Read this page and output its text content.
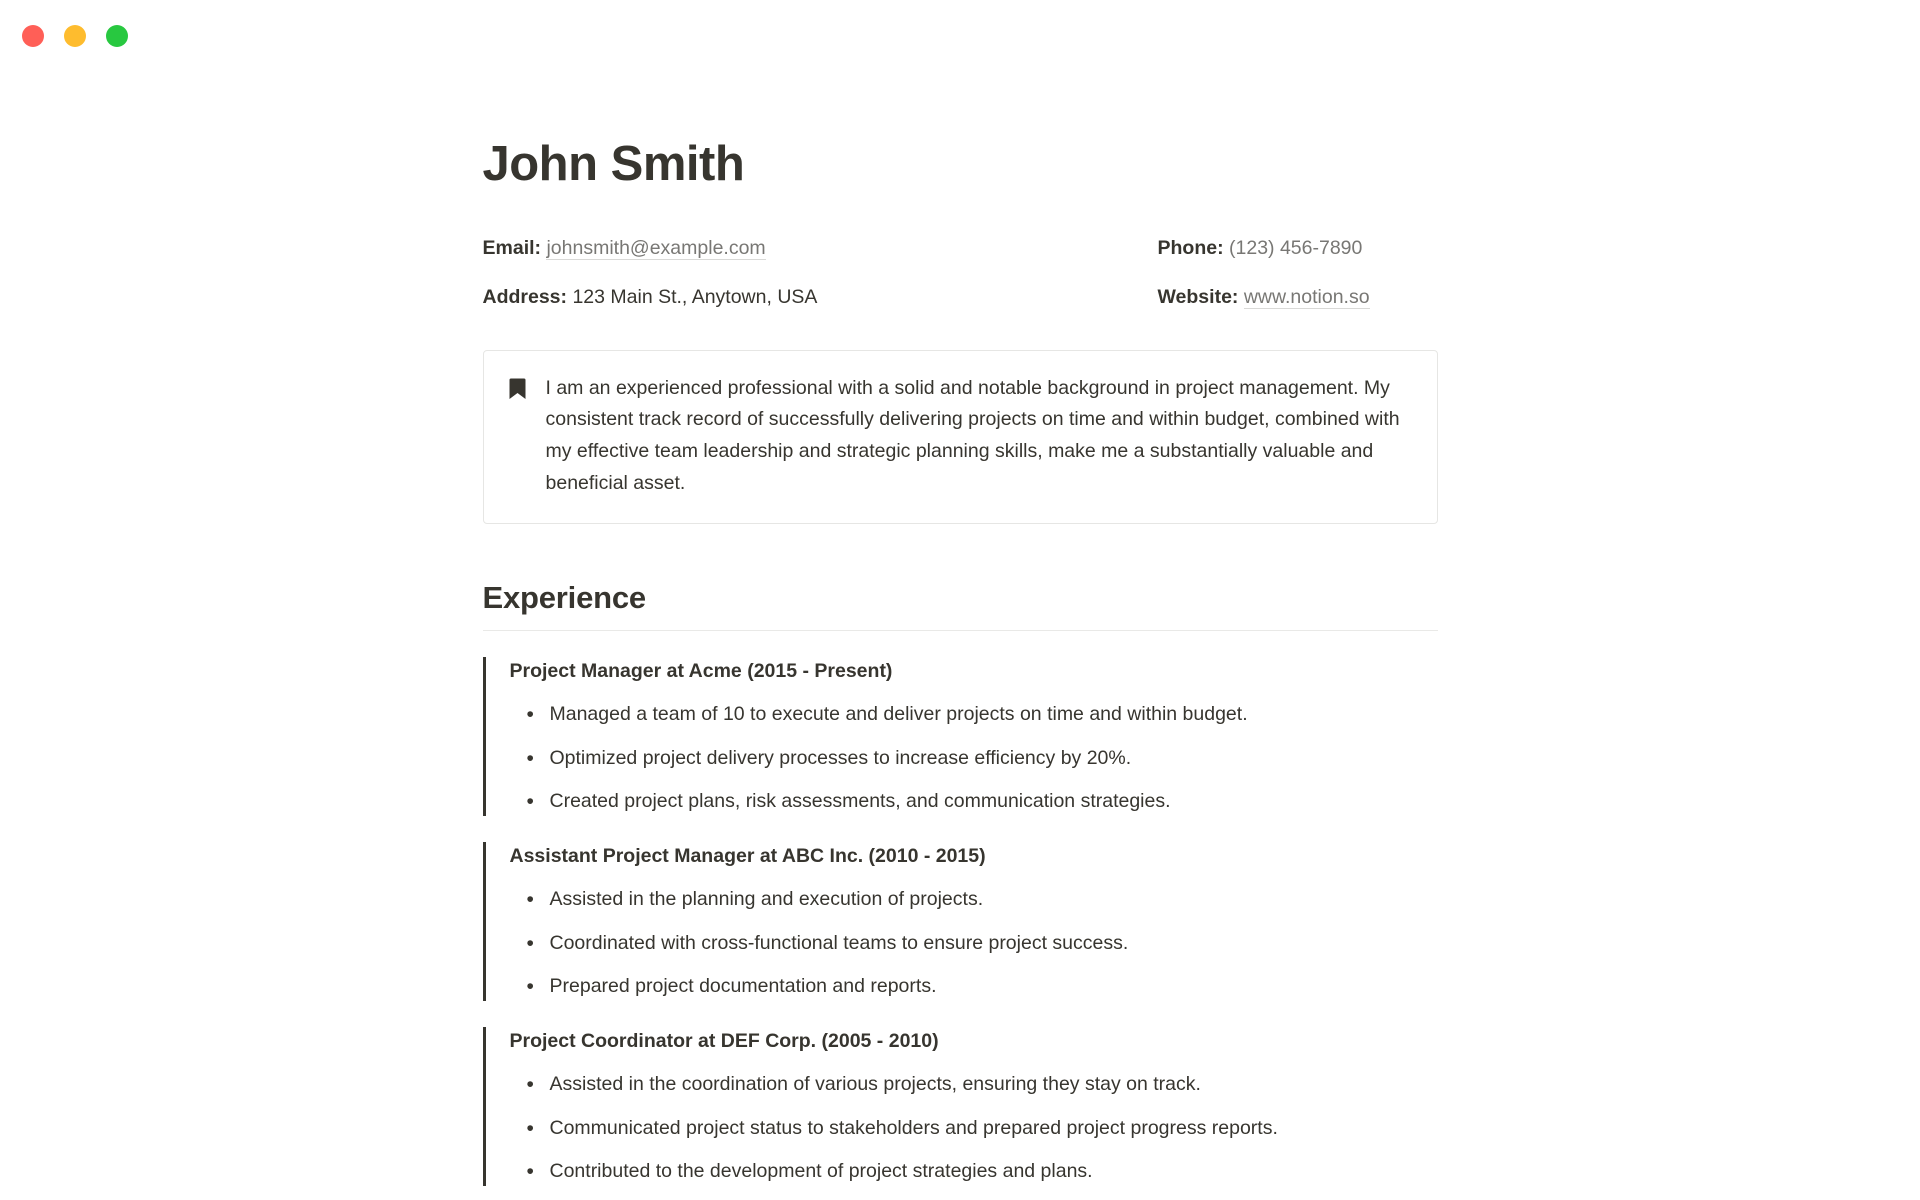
John Smith
Email: johnsmith@example.com	Phone: (123) 456-7890
Address: 123 Main St., Anytown, USA	Website: www.notion.so
I am an experienced professional with a solid and notable background in project management. My consistent track record of successfully delivering projects on time and within budget, combined with my effective team leadership and strategic planning skills, make me a substantially valuable and beneficial asset.
Experience
Project Manager at Acme (2015 - Present)
• Managed a team of 10 to execute and deliver projects on time and within budget.
• Optimized project delivery processes to increase efficiency by 20%.
• Created project plans, risk assessments, and communication strategies.
Assistant Project Manager at ABC Inc. (2010 - 2015)
• Assisted in the planning and execution of projects.
• Coordinated with cross-functional teams to ensure project success.
• Prepared project documentation and reports.
Project Coordinator at DEF Corp. (2005 - 2010)
• Assisted in the coordination of various projects, ensuring they stay on track.
• Communicated project status to stakeholders and prepared project progress reports.
• Contributed to the development of project strategies and plans.
